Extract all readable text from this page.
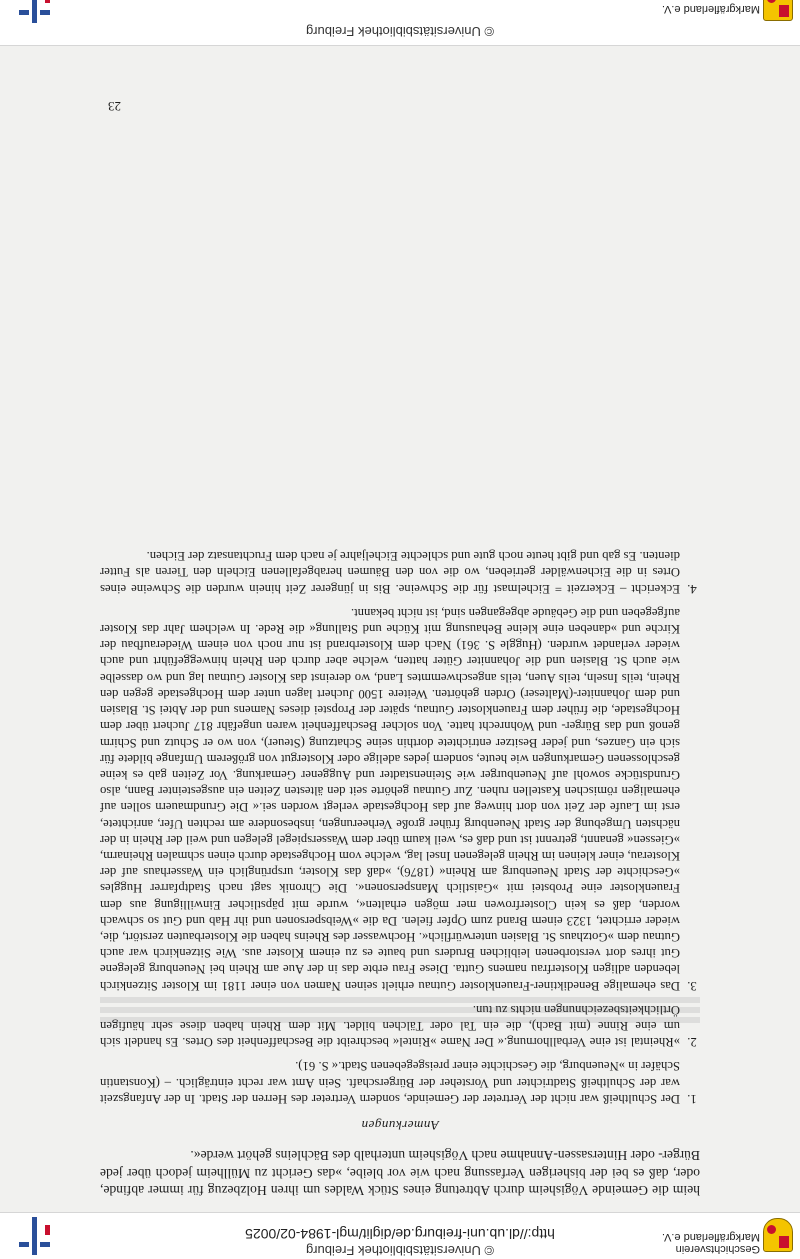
Geschichtsverein Markgräflerland e.V.
© Universitätsbibliothek Freiburg
http://dl.ub.uni-freiburg.de/diglit/mgl-1984-02/0025

heim die Gemeinde Vögisheim durch Abtretung eines Stück Waldes um ihren Holzbezug für immer abfinde, oder, daß es bei der bisherigen Verfassung nach wie vor bleibe, »das Gericht zu Müllheim jedoch über jede Bürger- oder Hintersassen-Annahme nach Vögisheim unterhalb des Bächleins gehört werde«.

Anmerkungen
1. Der Schultheiß war nicht der Vertreter der Gemeinde, sondern Vertreter des Herren der Stadt. In der Anfangszeit war der Schultheiß Stadtrichter und Vorsteher der Bürgerschaft. Sein Amt war recht einträglich. – (Konstantin Schäfer in »Neuenburg, die Geschichte einer preisgegebenen Stadt.« S. 61).
2. »Rheintal ist eine Verballhornung.« Der Name »Rintel« beschreibt die Beschaffenheit des Ortes. Es handelt sich um eine Rinne (mit Bach), die ein Tal oder Tälchen bildet. Mit dem Rhein haben diese sehr häufigen Örtlichkeitsbezeichnungen nichts zu tun.
3. Das ehemalige Benediktiner-Frauenkloster Gutnau erhielt seinen Namen von einer 1181 im Kloster Sitzenkirch lebenden adligen Klosterfrau namens Gutta. Diese Frau erbte das in der Aue am Rhein bei Neuenburg gelegene Gut ihres dort verstorbenen leiblichen Bruders und baute es zu einem Kloster aus. Wie Sitzenkirch war auch Gutnau dem »Gotzhaus St. Blasien unterwürflich«. Hochwasser des Rheins haben die Klosterbauten zerstört, die, wieder errichtet, 1323 einem Brand zum Opfer fielen. Da die »Weibspersonen und ihr Hab und Gut so schwach worden, daß es kein Closterfrowen mer mögen erhalten«, wurde mit päpstlicher Einwilligung aus dem Frauenkloster eine Probstei mit »Gaistlich Manspersonen«. Die Chronik sagt nach Stadtpfarrer Huggles »Geschichte der Stadt Neuenburg am Rhein« (1876), »daß das Kloster, ursprünglich ein Wasserhaus auf der Klosterau, einer kleinen im Rhein gelegenen Insel lag, welche vom Hochgestade durch einen schmalen Rheinarm, »Giessen« genannt, getrennt ist und daß es, weil kaum über dem Wasserspiegel gelegen und weil der Rhein in der nächsten Umgebung der Stadt Neuenburg früher große Verheerungen, insbesondere am rechten Ufer, anrichtete, erst im Laufe der Zeit von dort hinweg auf das Hochgestade verlegt worden sei.« Die Grundmauern sollen auf ehemaligen römischen Kastellen ruhen. Zur Gutnau gehörte seit den ältesten Zeiten ein ausgesteinter Bann, also Grundstücke sowohl auf Neuenburger wie Steinenstadter und Auggener Gemarkung. Vor Zeiten gab es keine geschlossenen Gemarkungen wie heute, sondern jedes adelige oder Klostergut von größerem Umfange bildete für sich ein Ganzes, und jeder Besitzer entrichtete dorthin seine Schatzung (Steuer), von wo er Schutz und Schirm genoß und das Bürger- und Wohnrecht hatte. Von solcher Beschaffenheit waren ungefähr 817 Juchert über dem Hochgestade, die früher dem Frauenkloster Gutnau, später der Propstei dieses Namens und der Abtei St. Blasien und dem Johanniter-(Malteser) Orden gehörten. Weitere 1500 Juchert lagen unter dem Hochgestade gegen den Rhein, teils Inseln, teils Auen, teils angeschwemmtes Land, wo dereinst das Kloster Gutnau lag und wo dasselbe wie auch St. Blasien und die Johanniter Güter hatten, welche aber durch den Rhein hinweggeführt und auch wieder verlandet wurden. (Huggle S. 361) Nach dem Klosterbrand ist nur noch von einem Wiederaufbau der Kirche und »daneben eine kleine Behausung mit Küche und Stallung« die Rede. In welchem Jahr das Kloster aufgegeben und die Gebäude abgegangen sind, ist nicht bekannt.
4. Eckericht – Eckerzeit = Eichelmast für die Schweine. Bis in jüngerer Zeit hinein wurden die Schweine eines Ortes in die Eichenwälder getrieben, wo die von den Bäumen herabgefallenen Eicheln den Tieren als Futter dienten. Es gab und gibt heute noch gute und schlechte Eicheljahre je nach dem Fruchtansatz der Eichen.
23
Markgräflerland e.V.
© Universitätsbibliothek Freiburg
